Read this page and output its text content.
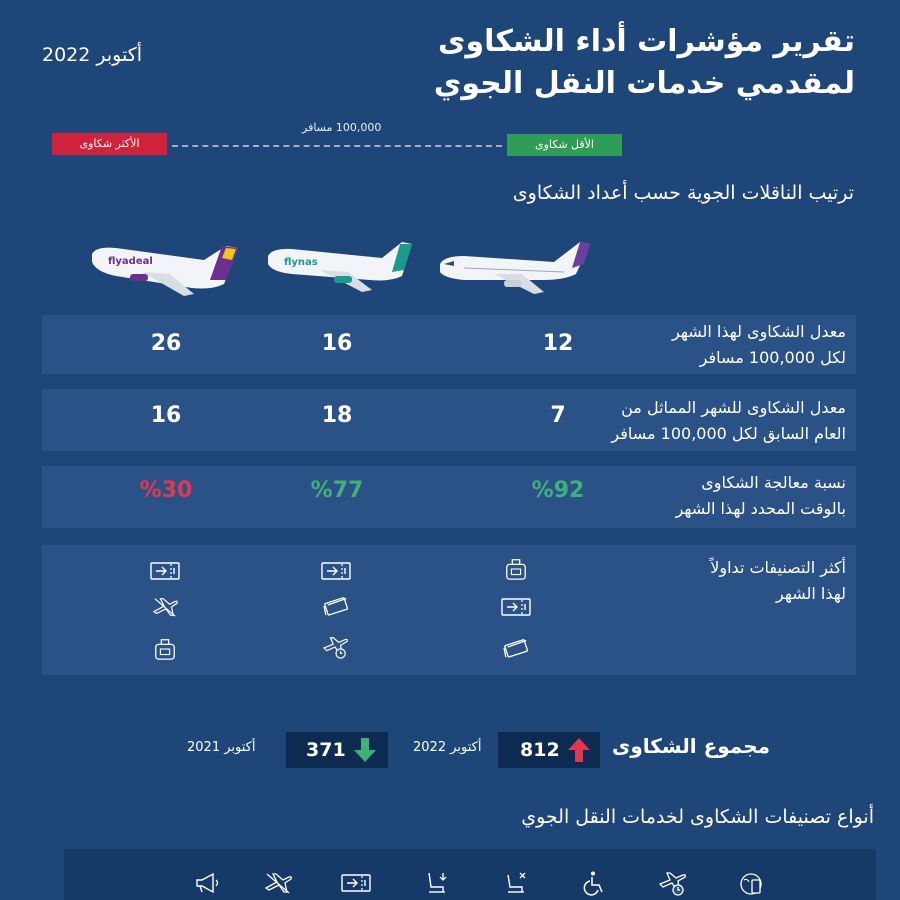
تقرير مؤشرات أداء الشكاوى
لمقدمي خدمات النقل الجوي
أكتوبر 2022
الأكثر شكاوى
100,000 مسافر
الأقل شكاوى
ترتيب الناقلات الجوية حسب أعداد الشكاوى
flynas
flyadeal
معدل الشكاوى لهذا الشهر
لكل 100,000 مسافر
12
16
26
معدل الشكاوى للشهر المماثل من
العام السابق لكل 100,000 مسافر
7
18
16
نسبة معالجة الشكاوى
بالوقت المحدد لهذا الشهر
%92
%77
%30
أكثر التصنيفات تداولاً
لهذا الشهر
مجموع الشكاوى
812
أكتوبر 2022
371
أكتوبر 2021
أنواع تصنيفات الشكاوى لخدمات النقل الجوي
